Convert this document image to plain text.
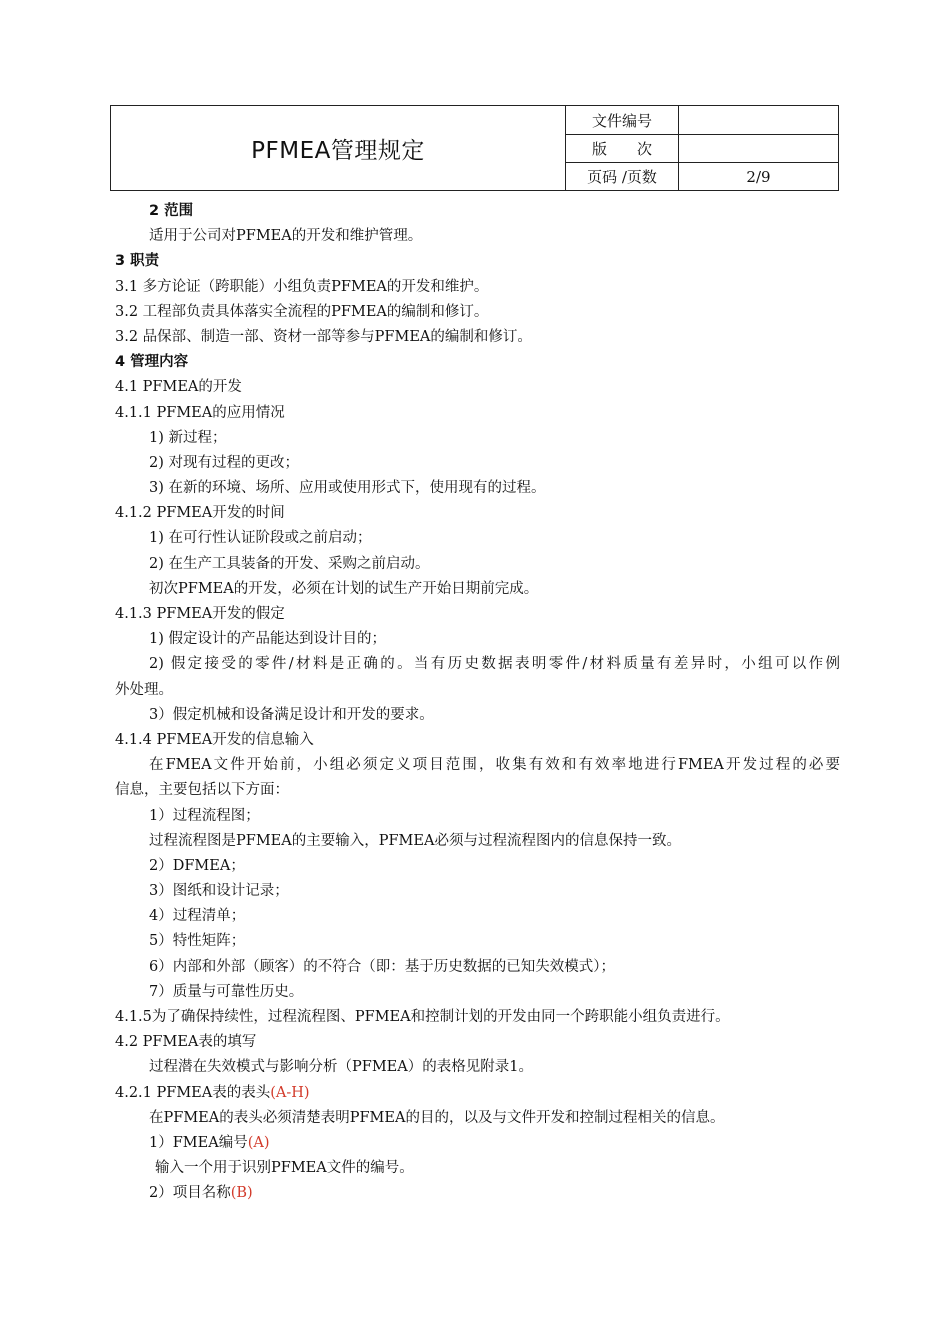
PFMEA管理规定	文件编号	
	版　　次	
	页码 /页数	2/9
2 范围
适用于公司对PFMEA的开发和维护管理。
3 职责
3.1 多方论证（跨职能）小组负责PFMEA的开发和维护。
3.2 工程部负责具体落实全流程的PFMEA的编制和修订。
3.2 品保部、制造一部、资材一部等参与PFMEA的编制和修订。
4 管理内容
4.1 PFMEA的开发
4.1.1 PFMEA的应用情况
1) 新过程；
2) 对现有过程的更改；
3) 在新的环境、场所、应用或使用形式下，使用现有的过程。
4.1.2 PFMEA开发的时间
1) 在可行性认证阶段或之前启动；
2) 在生产工具装备的开发、采购之前启动。
初次PFMEA的开发，必须在计划的试生产开始日期前完成。
4.1.3 PFMEA开发的假定
1) 假定设计的产品能达到设计目的；
2) 假定接受的零件/材料是正确的。当有历史数据表明零件/材料质量有差异时，小组可以作例
外处理。
3）假定机械和设备满足设计和开发的要求。
4.1.4 PFMEA开发的信息输入
在FMEA文件开始前，小组必须定义项目范围，收集有效和有效率地进行FMEA开发过程的必要
信息，主要包括以下方面：
1）过程流程图；
过程流程图是PFMEA的主要输入，PFMEA必须与过程流程图内的信息保持一致。
2）DFMEA；
3）图纸和设计记录；
4）过程清单；
5）特性矩阵；
6）内部和外部（顾客）的不符合（即：基于历史数据的已知失效模式）；
7）质量与可靠性历史。
4.1.5为了确保持续性，过程流程图、PFMEA和控制计划的开发由同一个跨职能小组负责进行。
4.2 PFMEA表的填写
过程潜在失效模式与影响分析（PFMEA）的表格见附录1。
4.2.1 PFMEA表的表头(A-H)
在PFMEA的表头必须清楚表明PFMEA的目的，以及与文件开发和控制过程相关的信息。
1）FMEA编号(A)
输入一个用于识别PFMEA文件的编号。
2）项目名称(B)
